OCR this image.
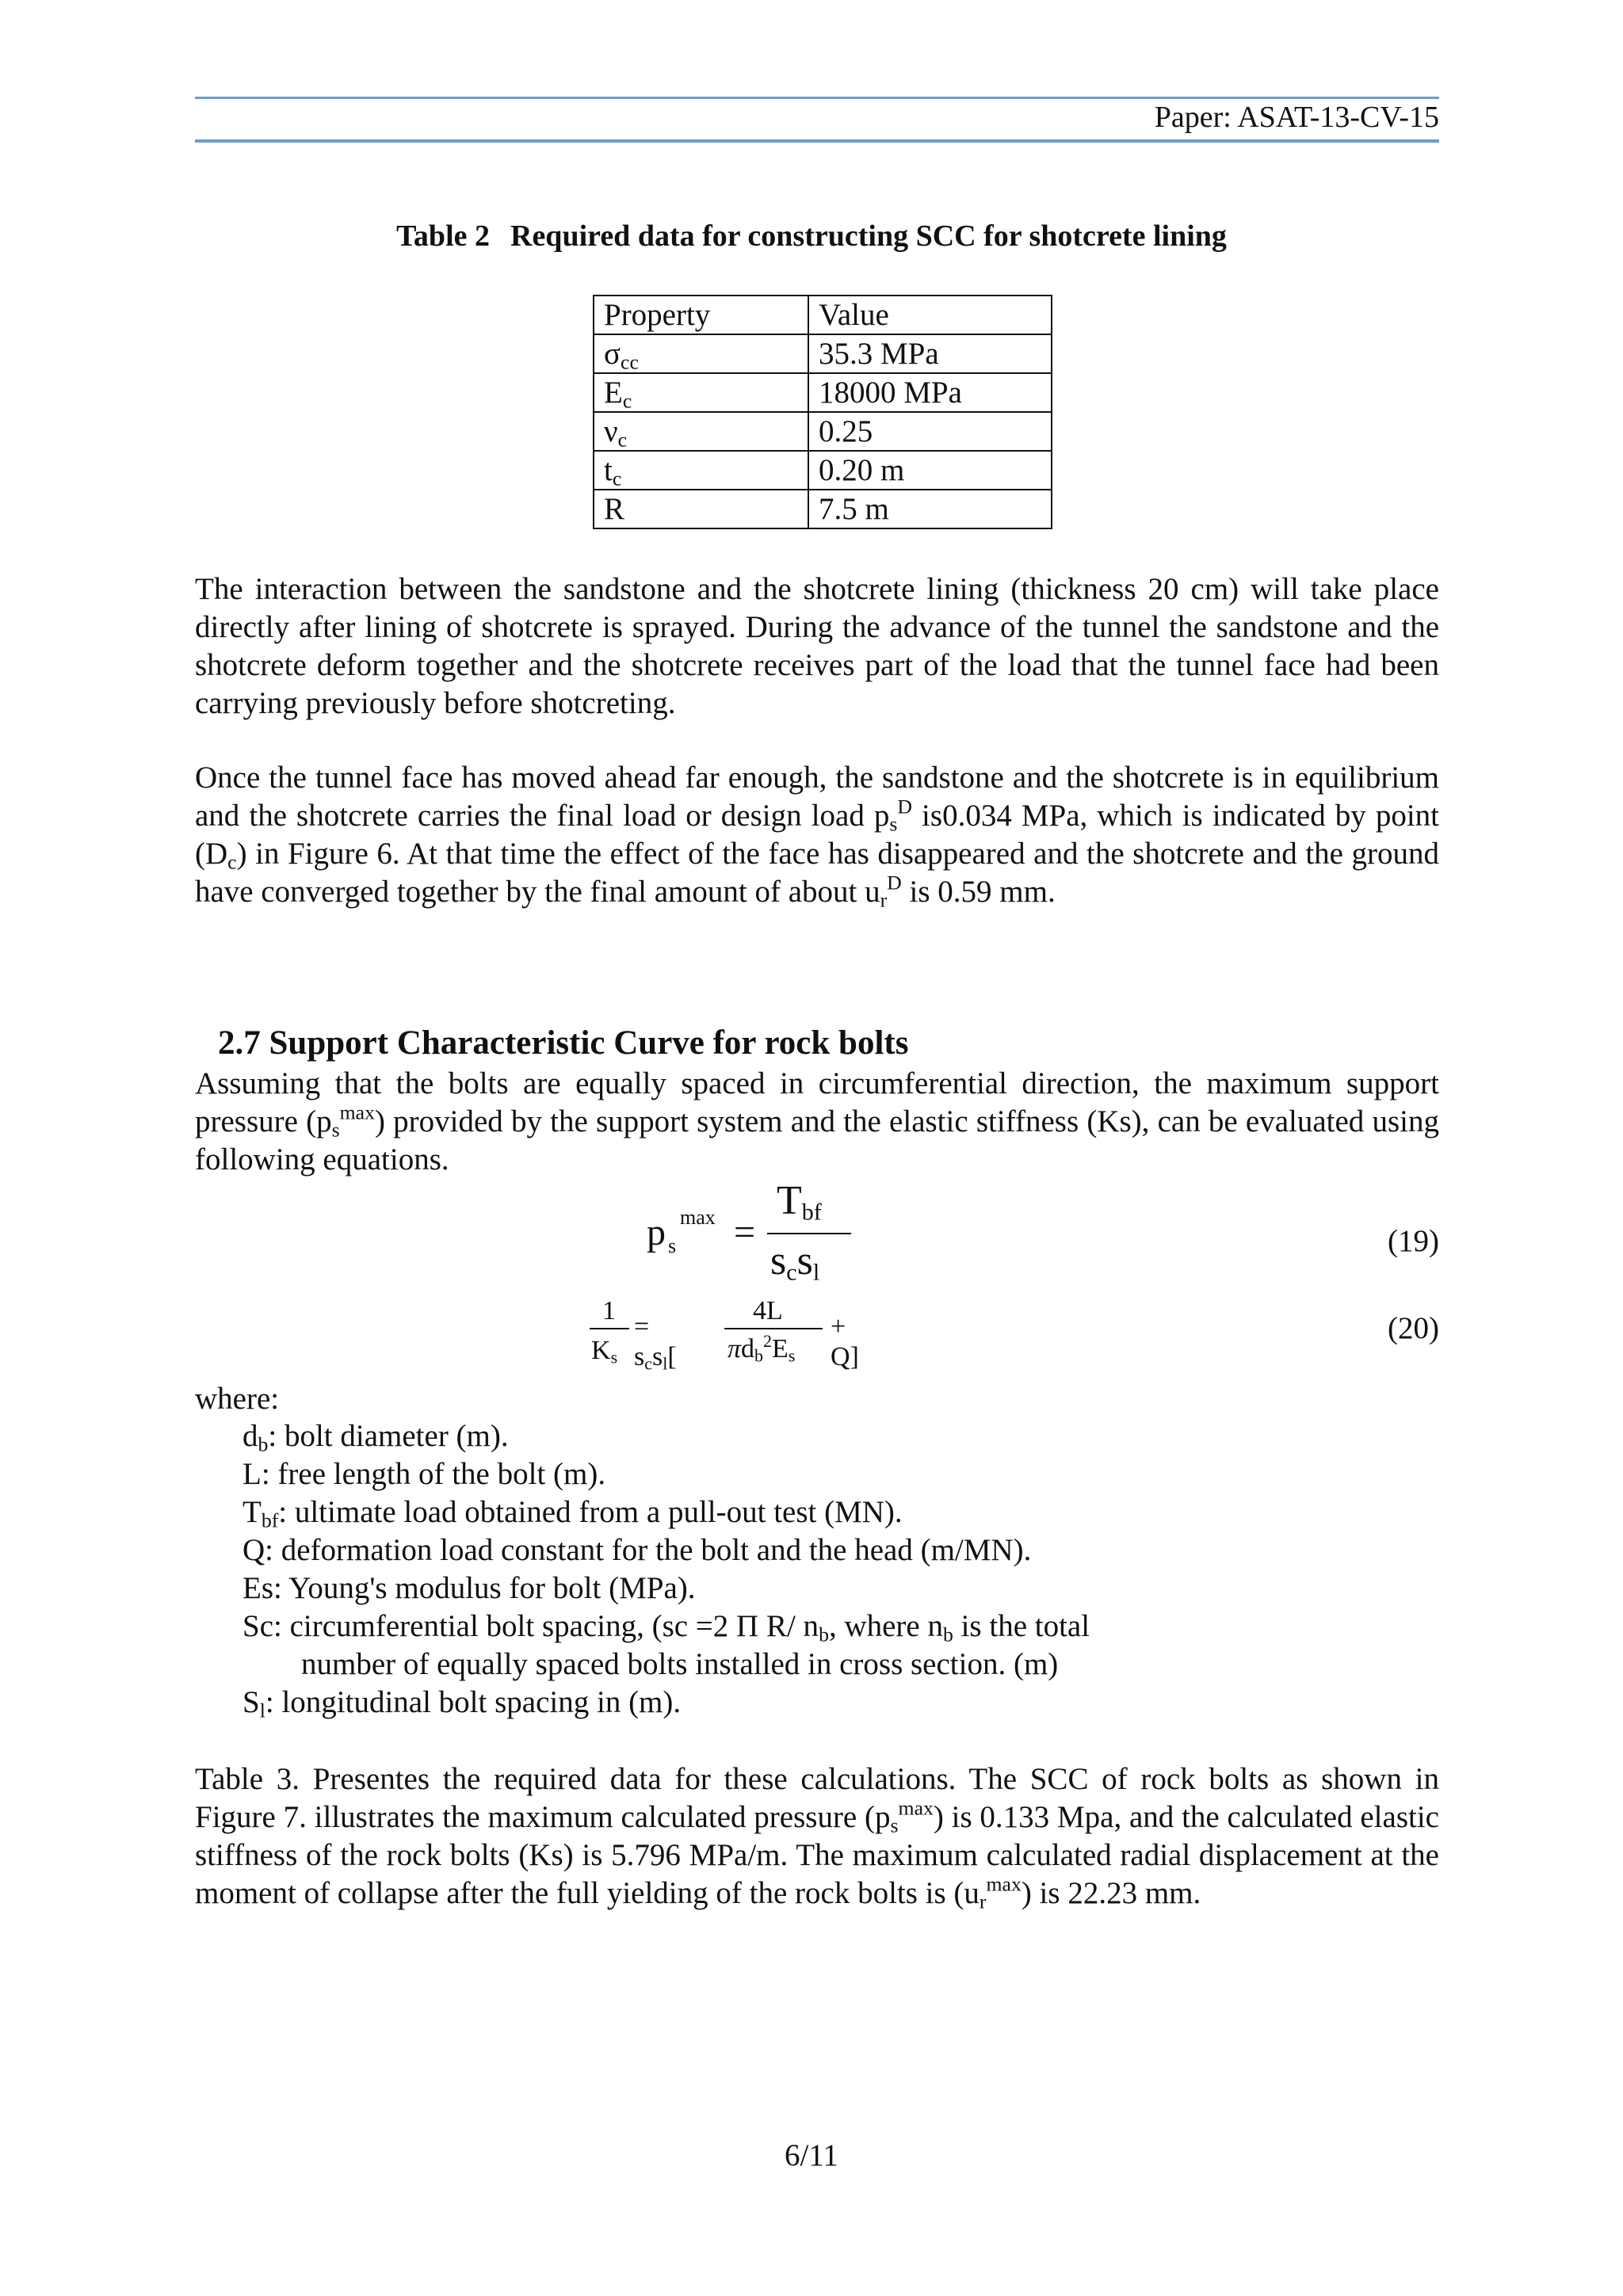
Paper: ASAT-13-CV-15
Table 2 Required data for constructing SCC for shotcrete lining
Property	Value
$\sigma_{cc}$	35.3 MPa
$E_c$	18000 MPa
$\nu_c$	0.25
$t_c$	0.20 m
R	7.5 m

The interaction between the sandstone and the shotcrete lining (thickness 20 cm) will take place directly after lining of shotcrete is sprayed. During the advance of the tunnel the sandstone and the shotcrete deform together and the shotcrete receives part of the load that the tunnel face had been carrying previously before shotcreting.

Once the tunnel face has moved ahead far enough, the sandstone and the shotcrete is in equilibrium and the shotcrete carries the final load or design load $p_s^D$ is0.034 MPa, which is indicated by point $(D_c)$ in Figure 6. At that time the effect of the face has disappeared and the shotcrete and the ground have converged together by the final amount of about $u_r^D$ is 0.59 mm.

2.7 Support Characteristic Curve for rock bolts

Assuming that the bolts are equally spaced in circumferential direction, the maximum support pressure $(p_s^{max})$ provided by the support system and the elastic stiffness (Ks), can be evaluated using following equations.

p s
max =
$T_{bf}$
$s_cs_l$
(19)
1
$K_s$
= $s_cs_l$[
4L
$\pi d_b^2E_s$
+ Q]
(20)
where:
$d_b$: bolt diameter (m).
L: free length of the bolt (m).
$T_{bf}$: ultimate load obtained from a pull-out test (MN).
Q: deformation load constant for the bolt and the head (m/MN).
Es: Young's modulus for bolt (MPa).
Sc: circumferential bolt spacing, (sc =2 Π R/ $n_b$, where $n_b$ is the total
number of equally spaced bolts installed in cross section. (m)
$S_l$: longitudinal bolt spacing in (m).

Table 3. Presentes the required data for these calculations. The SCC of rock bolts as shown in Figure 7. illustrates the maximum calculated pressure $(p_s^{max})$ is 0.133 Mpa, and the calculated elastic stiffness of the rock bolts (Ks) is 5.796 MPa/m. The maximum calculated radial displacement at the moment of collapse after the full yielding of the rock bolts is $(u_r^{max})$ is 22.23 mm.

6/11
